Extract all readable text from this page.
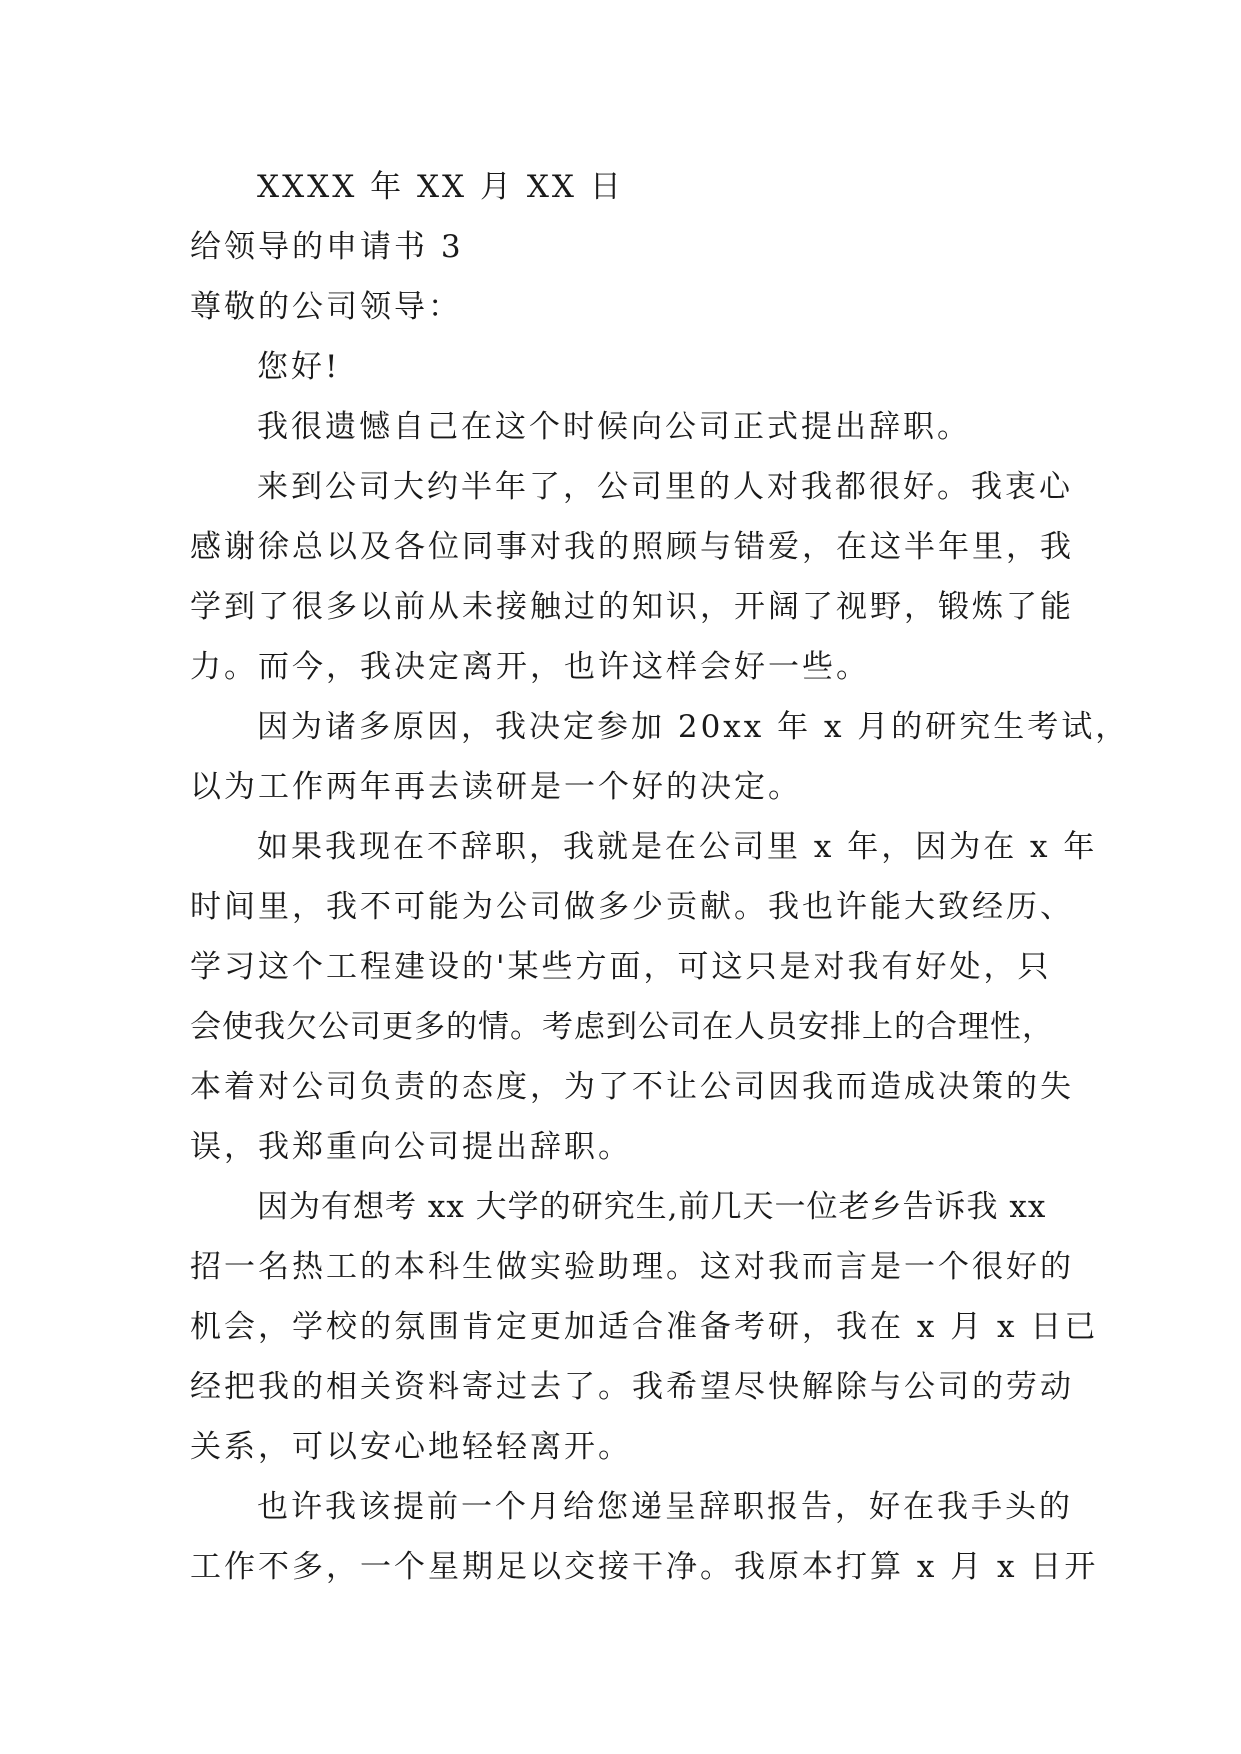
XXXX 年 XX 月 XX 日
给领导的申请书 3
尊敬的公司领导：
您好!
我很遗憾自己在这个时候向公司正式提出辞职。
来到公司大约半年了，公司里的人对我都很好。我衷心
感谢徐总以及各位同事对我的照顾与错爱，在这半年里，我
学到了很多以前从未接触过的知识，开阔了视野，锻炼了能
力。而今，我决定离开，也许这样会好一些。
因为诸多原因，我决定参加 20xx 年 x 月的研究生考试，
以为工作两年再去读研是一个好的决定。
如果我现在不辞职，我就是在公司里 x 年，因为在 x 年
时间里，我不可能为公司做多少贡献。我也许能大致经历、
学习这个工程建设的'某些方面，可这只是对我有好处，只
会使我欠公司更多的情。考虑到公司在人员安排上的合理性，
本着对公司负责的态度，为了不让公司因我而造成决策的失
误，我郑重向公司提出辞职。
因为有想考 xx 大学的研究生,前几天一位老乡告诉我 xx
招一名热工的本科生做实验助理。这对我而言是一个很好的
机会，学校的氛围肯定更加适合准备考研，我在 x 月 x 日已
经把我的相关资料寄过去了。我希望尽快解除与公司的劳动
关系，可以安心地轻轻离开。
也许我该提前一个月给您递呈辞职报告，好在我手头的
工作不多，一个星期足以交接干净。我原本打算 x 月 x 日开
